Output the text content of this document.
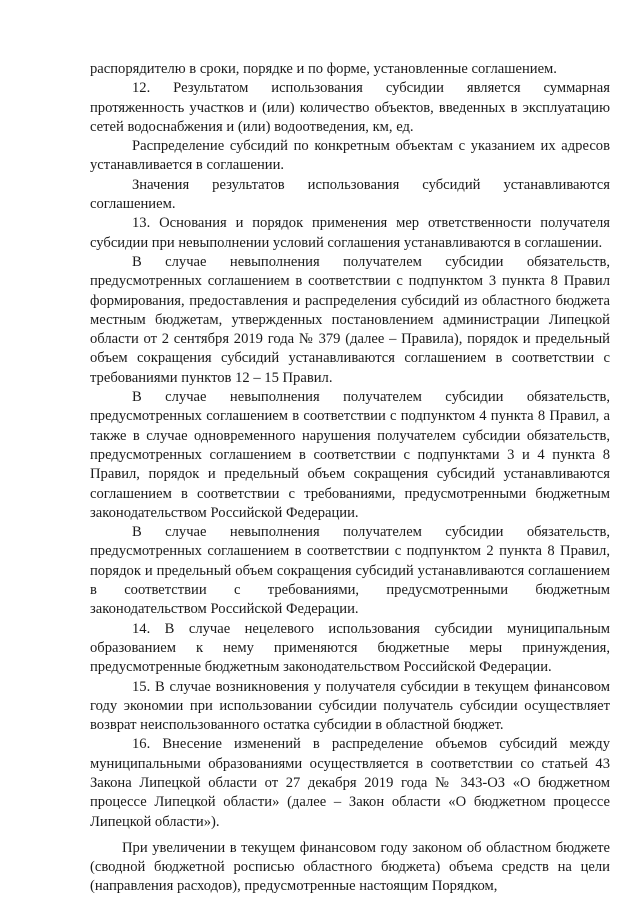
распорядителю в сроки, порядке и по форме, установленные соглашением.

12. Результатом использования субсидии является суммарная протяженность участков и (или) количество объектов, введенных в эксплуатацию сетей водоснабжения и (или) водоотведения, км, ед.

Распределение субсидий по конкретным объектам с указанием их адресов устанавливается в соглашении.

Значения результатов использования субсидий устанавливаются соглашением.

13. Основания и порядок применения мер ответственности получателя субсидии при невыполнении условий соглашения устанавливаются в соглашении.

В случае невыполнения получателем субсидии обязательств, предусмотренных соглашением в соответствии с подпунктом 3 пункта 8 Правил формирования, предоставления и распределения субсидий из областного бюджета местным бюджетам, утвержденных постановлением администрации Липецкой области от 2 сентября 2019 года № 379 (далее – Правила), порядок и предельный объем сокращения субсидий устанавливаются соглашением в соответствии с требованиями пунктов 12 – 15 Правил.

В случае невыполнения получателем субсидии обязательств, предусмотренных соглашением в соответствии с подпунктом 4 пункта 8 Правил, а также в случае одновременного нарушения получателем субсидии обязательств, предусмотренных соглашением в соответствии с подпунктами 3 и 4 пункта 8 Правил, порядок и предельный объем сокращения субсидий устанавливаются соглашением в соответствии с требованиями, предусмотренными бюджетным законодательством Российской Федерации.

В случае невыполнения получателем субсидии обязательств, предусмотренных соглашением в соответствии с подпунктом 2 пункта 8 Правил, порядок и предельный объем сокращения субсидий устанавливаются соглашением в соответствии с требованиями, предусмотренными бюджетным законодательством Российской Федерации.

14. В случае нецелевого использования субсидии муниципальным образованием к нему применяются бюджетные меры принуждения, предусмотренные бюджетным законодательством Российской Федерации.

15. В случае возникновения у получателя субсидии в текущем финансовом году экономии при использовании субсидии получатель субсидии осуществляет возврат неиспользованного остатка субсидии в областной бюджет.

16. Внесение изменений в распределение объемов субсидий между муниципальными образованиями осуществляется в соответствии со статьей 43 Закона Липецкой области от 27 декабря 2019 года № 343-ОЗ «О бюджетном процессе Липецкой области» (далее – Закон области «О бюджетном процессе Липецкой области»).

При увеличении в текущем финансовом году законом об областном бюджете (сводной бюджетной росписью областного бюджета) объема средств на цели (направления расходов), предусмотренные настоящим Порядком,
